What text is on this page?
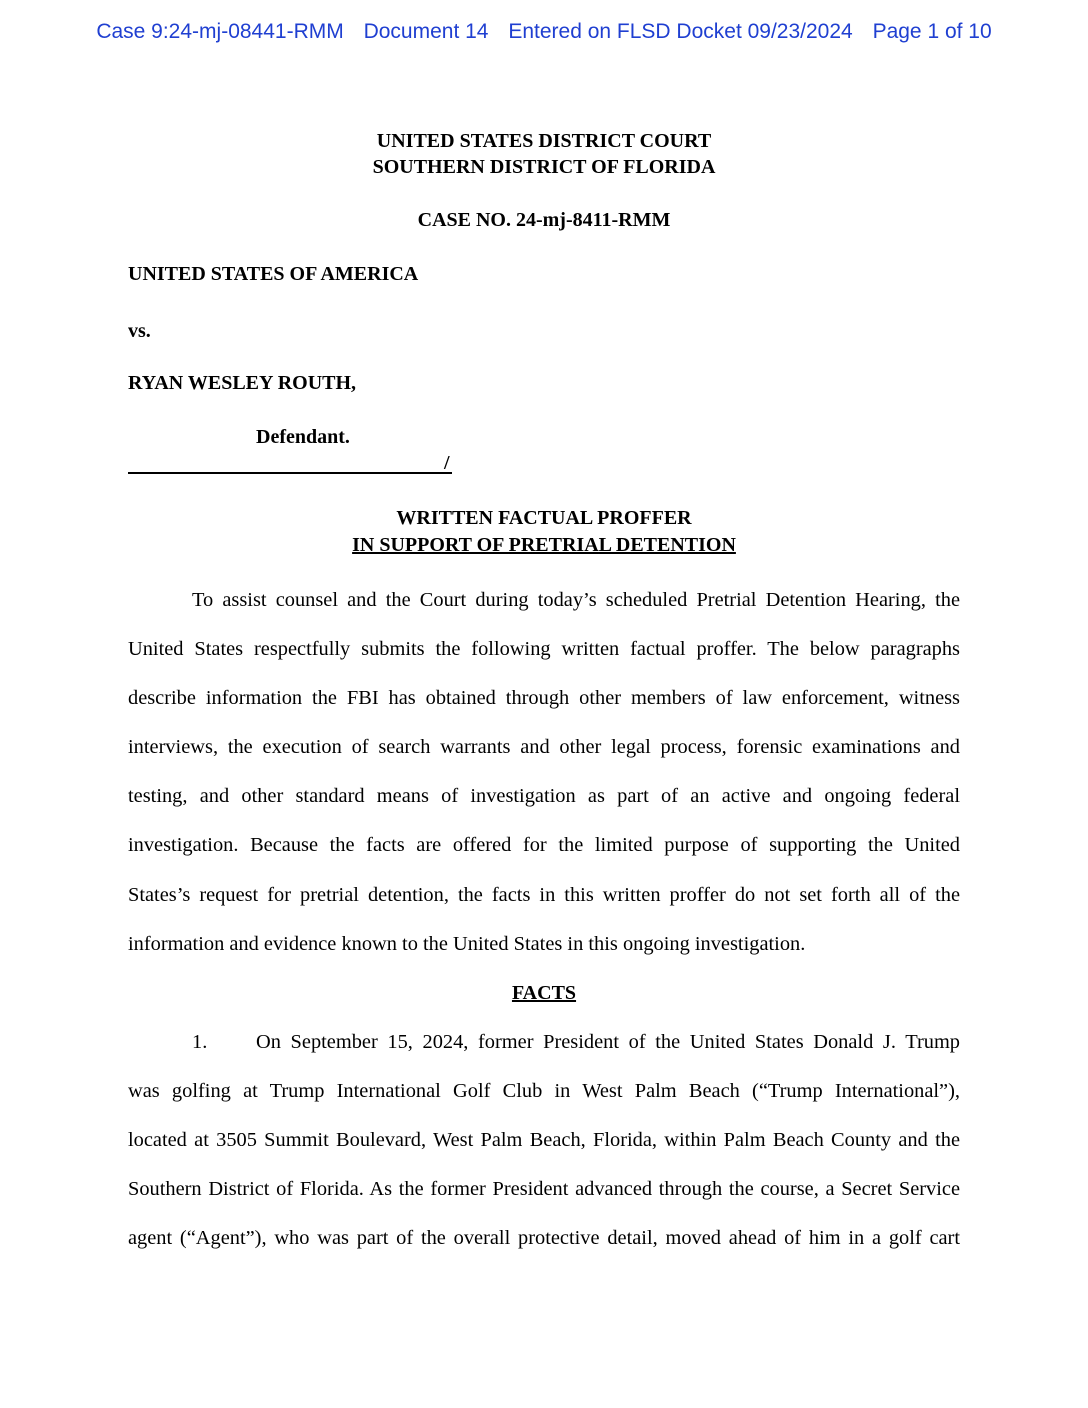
Case 9:24-mj-08441-RMM Document 14 Entered on FLSD Docket 09/23/2024 Page 1 of 10
UNITED STATES DISTRICT COURT
SOUTHERN DISTRICT OF FLORIDA
CASE NO. 24-mj-8411-RMM
UNITED STATES OF AMERICA
vs.
RYAN WESLEY ROUTH,
Defendant.
/
WRITTEN FACTUAL PROFFER
IN SUPPORT OF PRETRIAL DETENTION
To assist counsel and the Court during today’s scheduled Pretrial Detention Hearing, the
United States respectfully submits the following written factual proffer. The below paragraphs
describe information the FBI has obtained through other members of law enforcement, witness
interviews, the execution of search warrants and other legal process, forensic examinations and
testing, and other standard means of investigation as part of an active and ongoing federal
investigation. Because the facts are offered for the limited purpose of supporting the United
States’s request for pretrial detention, the facts in this written proffer do not set forth all of the
information and evidence known to the United States in this ongoing investigation.
FACTS
1. On September 15, 2024, former President of the United States Donald J. Trump
was golfing at Trump International Golf Club in West Palm Beach (“Trump International”),
located at 3505 Summit Boulevard, West Palm Beach, Florida, within Palm Beach County and the
Southern District of Florida. As the former President advanced through the course, a Secret Service
agent (“Agent”), who was part of the overall protective detail, moved ahead of him in a golf cart
